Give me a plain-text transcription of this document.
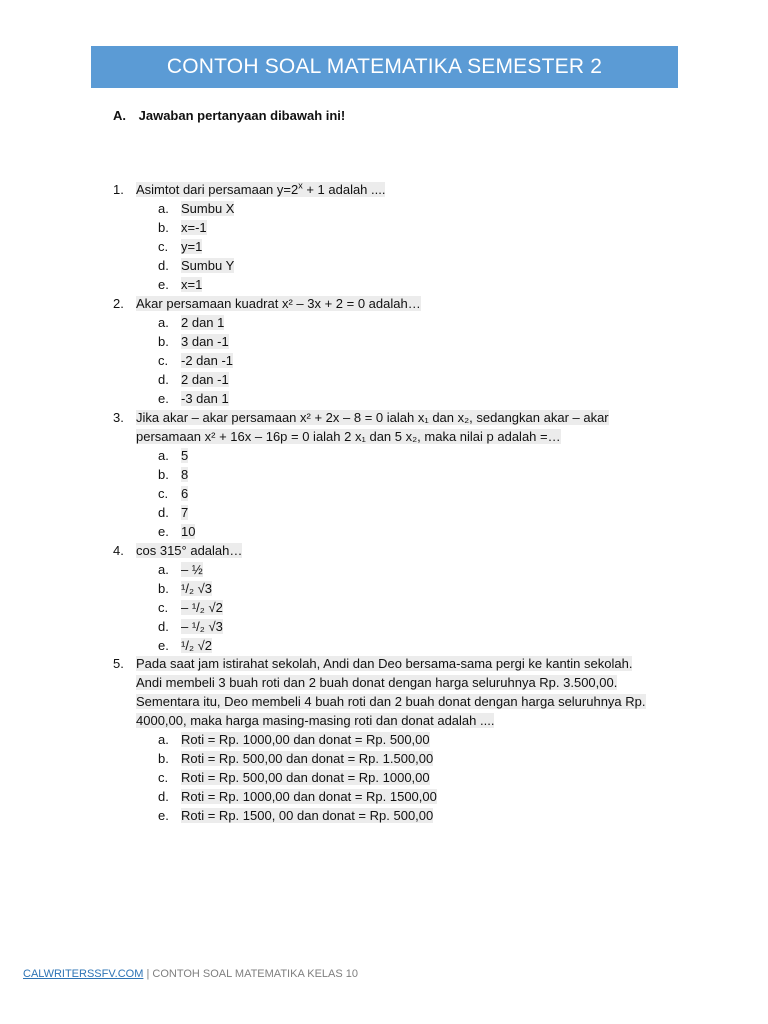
CONTOH SOAL MATEMATIKA SEMESTER 2
A. Jawaban pertanyaan dibawah ini!
1. Asimtot dari persamaan $y=2^x + 1$ adalah ....
a. Sumbu X
b. x=-1
c. y=1
d. Sumbu Y
e. x=1
2. Akar persamaan kuadrat x² – 3x + 2 = 0 adalah…
a. 2 dan 1
b. 3 dan -1
c. -2 dan -1
d. 2 dan -1
e. -3 dan 1
3. Jika akar – akar persamaan x² + 2x – 8 = 0 ialah x₁ dan x₂, sedangkan akar – akar
persamaan x² + 16x – 16p = 0 ialah 2 x₁ dan 5 x₂, maka nilai p adalah =…
a. 5
b. 8
c. 6
d. 7
e. 10
4. cos 315° adalah…
a. – ½
b. ¹/₂ √3
c. – ¹/₂ √2
d. – ¹/₂ √3
e. ¹/₂ √2
5. Pada saat jam istirahat sekolah, Andi dan Deo bersama-sama pergi ke kantin sekolah.
Andi membeli 3 buah roti dan 2 buah donat dengan harga seluruhnya Rp. 3.500,00.
Sementara itu, Deo membeli 4 buah roti dan 2 buah donat dengan harga seluruhnya Rp.
4000,00, maka harga masing-masing roti dan donat adalah ....
a. Roti = Rp. 1000,00 dan donat = Rp. 500,00
b. Roti = Rp. 500,00 dan donat = Rp. 1.500,00
c. Roti = Rp. 500,00 dan donat = Rp. 1000,00
d. Roti = Rp. 1000,00 dan donat = Rp. 1500,00
e. Roti = Rp. 1500, 00 dan donat = Rp. 500,00
CALWRITERSSFV.COM | CONTOH SOAL MATEMATIKA KELAS 10
